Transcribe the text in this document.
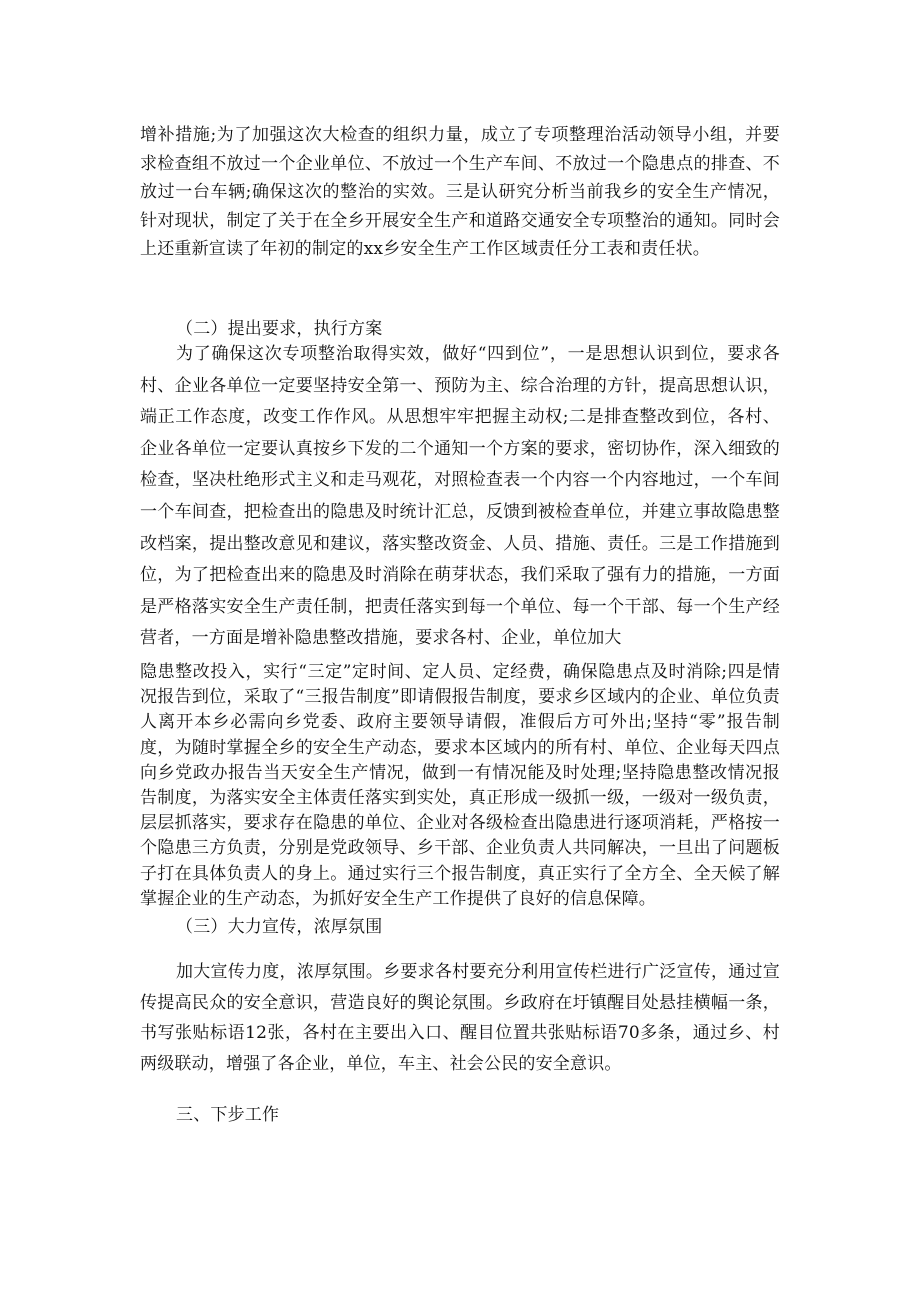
增补措施;为了加强这次大检查的组织力量，成立了专项整理治活动领导小组，并要求检查组不放过一个企业单位、不放过一个生产车间、不放过一个隐患点的排查、不放过一台车辆;确保这次的整治的实效。三是认研究分析当前我乡的安全生产情况，针对现状，制定了关于在全乡开展安全生产和道路交通安全专项整治的通知。同时会上还重新宣读了年初的制定的xx乡安全生产工作区域责任分工表和责任状。

（二）提出要求，执行方案

为了确保这次专项整治取得实效，做好“四到位”，一是思想认识到位，要求各村、企业各单位一定要坚持安全第一、预防为主、综合治理的方针，提高思想认识，端正工作态度，改变工作作风。从思想牢牢把握主动权;二是排查整改到位，各村、企业各单位一定要认真按乡下发的二个通知一个方案的要求，密切协作，深入细致的检查，坚决杜绝形式主义和走马观花，对照检查表一个内容一个内容地过，一个车间一个车间查，把检查出的隐患及时统计汇总，反馈到被检查单位，并建立事故隐患整改档案，提出整改意见和建议，落实整改资金、人员、措施、责任。三是工作措施到位，为了把检查出来的隐患及时消除在萌芽状态，我们采取了强有力的措施，一方面是严格落实安全生产责任制，把责任落实到每一个单位、每一个干部、每一个生产经营者，一方面是增补隐患整改措施，要求各村、企业，单位加大

隐患整改投入，实行“三定”定时间、定人员、定经费，确保隐患点及时消除;四是情况报告到位，采取了“三报告制度”即请假报告制度，要求乡区域内的企业、单位负责人离开本乡必需向乡党委、政府主要领导请假，准假后方可外出;坚持“零”报告制度，为随时掌握全乡的安全生产动态，要求本区域内的所有村、单位、企业每天四点向乡党政办报告当天安全生产情况，做到一有情况能及时处理;坚持隐患整改情况报告制度，为落实安全主体责任落实到实处，真正形成一级抓一级，一级对一级负责，层层抓落实，要求存在隐患的单位、企业对各级检查出隐患进行逐项消耗，严格按一个隐患三方负责，分别是党政领导、乡干部、企业负责人共同解决，一旦出了问题板子打在具体负责人的身上。通过实行三个报告制度，真正实行了全方全、全天候了解掌握企业的生产动态，为抓好安全生产工作提供了良好的信息保障。

（三）大力宣传，浓厚氛围

加大宣传力度，浓厚氛围。乡要求各村要充分利用宣传栏进行广泛宣传，通过宣传提高民众的安全意识，营造良好的舆论氛围。乡政府在圩镇醒目处悬挂横幅一条，书写张贴标语12张，各村在主要出入口、醒目位置共张贴标语70多条，通过乡、村两级联动，增强了各企业，单位，车主、社会公民的安全意识。

三、下步工作
